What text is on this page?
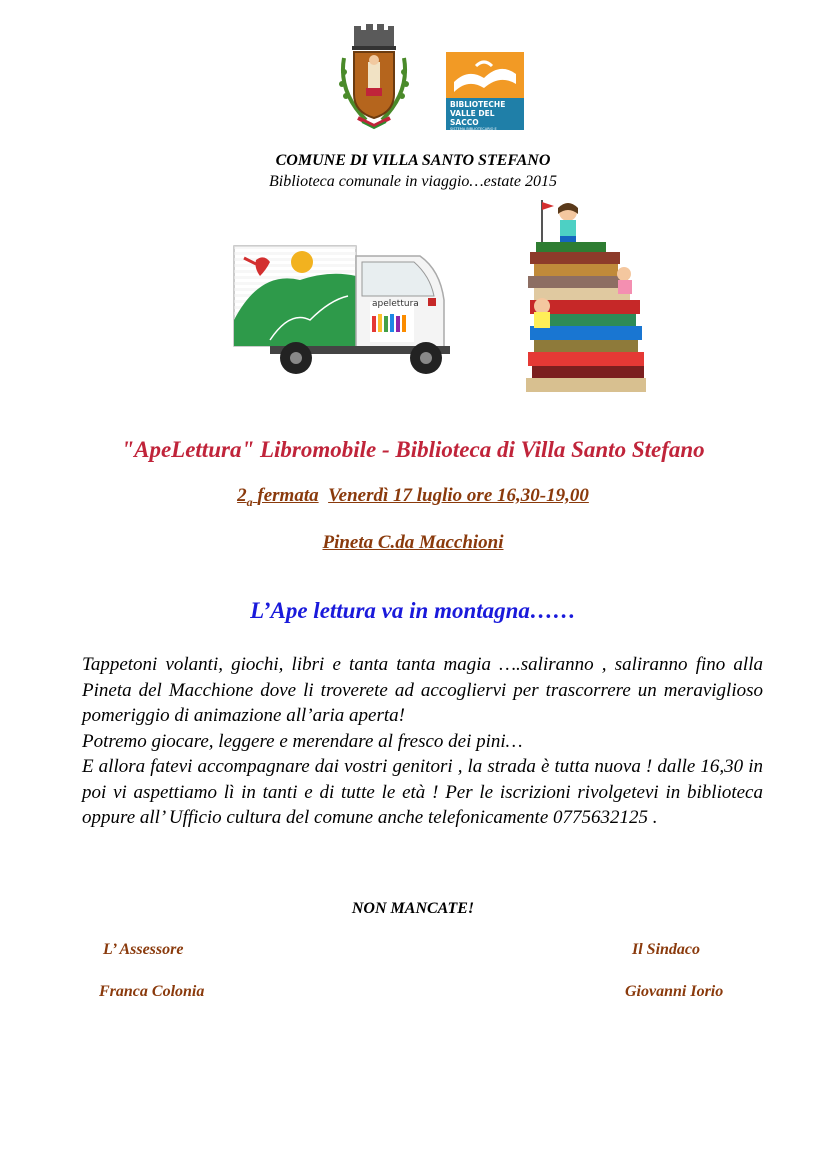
BIBLIOTECHE
VALLE DEL SACCO
SISTEMA BIBLIOTECARIO E DOCUMENTARIO
COMUNE DI VILLA SANTO STEFANO
Biblioteca comunale in viaggio…estate 2015
apelettura
"ApeLettura" Libromobile - Biblioteca di Villa Santo Stefano
$2_a$ fermata Venerdì 17 luglio ore 16,30-19,00
Pineta C.da Macchioni
L’Ape lettura va in montagna……

Tappetoni volanti, giochi, libri e tanta tanta magia ….saliranno , saliranno fino alla Pineta del Macchione dove li troverete ad accogliervi per trascorrere un meraviglioso pomeriggio di animazione all’aria aperta!

Potremo giocare, leggere e merendare al fresco dei pini…

E allora fatevi accompagnare dai vostri genitori , la strada è tutta nuova ! dalle 16,30 in poi vi aspettiamo lì in tanti e di tutte le età ! Per le iscrizioni rivolgetevi in biblioteca oppure all’ Ufficio cultura del comune anche telefonicamente 0775632125 .

NON MANCATE!
L’ Assessore
Franca Colonia
Il Sindaco
Giovanni Iorio
